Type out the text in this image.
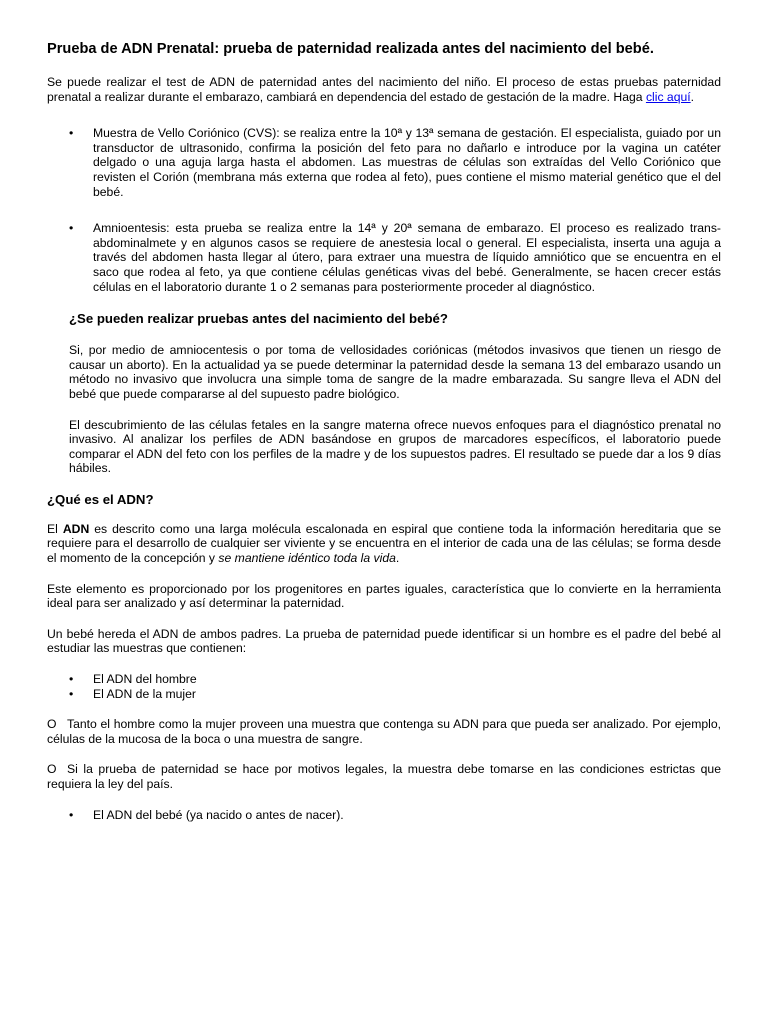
Prueba de ADN Prenatal: prueba de paternidad realizada antes del nacimiento del bebé.

Se puede realizar el test de ADN de paternidad antes del nacimiento del niño. El proceso de estas pruebas paternidad prenatal a realizar durante el embarazo, cambiará en dependencia del estado de gestación de la madre. Haga clic aquí.

• Muestra de Vello Coriónico (CVS): se realiza entre la 10ª y 13ª semana de gestación. El especialista, guiado por un transductor de ultrasonido, confirma la posición del feto para no dañarlo e introduce por la vagina un catéter delgado o una aguja larga hasta el abdomen. Las muestras de células son extraídas del Vello Coriónico que revisten el Corión (membrana más externa que rodea al feto), pues contiene el mismo material genético que el del bebé.
• Amnioentesis: esta prueba se realiza entre la 14ª y 20ª semana de embarazo. El proceso es realizado trans-abdominalmete y en algunos casos se requiere de anestesia local o general. El especialista, inserta una aguja a través del abdomen hasta llegar al útero, para extraer una muestra de líquido amniótico que se encuentra en el saco que rodea al feto, ya que contiene células genéticas vivas del bebé. Generalmente, se hacen crecer estás células en el laboratorio durante 1 o 2 semanas para posteriormente proceder al diagnóstico.

¿Se pueden realizar pruebas antes del nacimiento del bebé?

Si, por medio de amniocentesis o por toma de vellosidades coriónicas (métodos invasivos que tienen un riesgo de causar un aborto). En la actualidad ya se puede determinar la paternidad desde la semana 13 del embarazo usando un método no invasivo que involucra una simple toma de sangre de la madre embarazada. Su sangre lleva el ADN del bebé que puede compararse al del supuesto padre biológico.

El descubrimiento de las células fetales en la sangre materna ofrece nuevos enfoques para el diagnóstico prenatal no invasivo. Al analizar los perfiles de ADN basándose en grupos de marcadores específicos, el laboratorio puede comparar el ADN del feto con los perfiles de la madre y de los supuestos padres. El resultado se puede dar a los 9 días hábiles.

¿Qué es el ADN?

El ADN es descrito como una larga molécula escalonada en espiral que contiene toda la información hereditaria que se requiere para el desarrollo de cualquier ser viviente y se encuentra en el interior de cada una de las células; se forma desde el momento de la concepción y se mantiene idéntico toda la vida.

Este elemento es proporcionado por los progenitores en partes iguales, característica que lo convierte en la herramienta ideal para ser analizado y así determinar la paternidad.

Un bebé hereda el ADN de ambos padres. La prueba de paternidad puede identificar si un hombre es el padre del bebé al estudiar las muestras que contienen:

• El ADN del hombre
• El ADN de la mujer

O Tanto el hombre como la mujer proveen una muestra que contenga su ADN para que pueda ser analizado. Por ejemplo, células de la mucosa de la boca o una muestra de sangre.

O Si la prueba de paternidad se hace por motivos legales, la muestra debe tomarse en las condiciones estrictas que requiera la ley del país.

• El ADN del bebé (ya nacido o antes de nacer).
